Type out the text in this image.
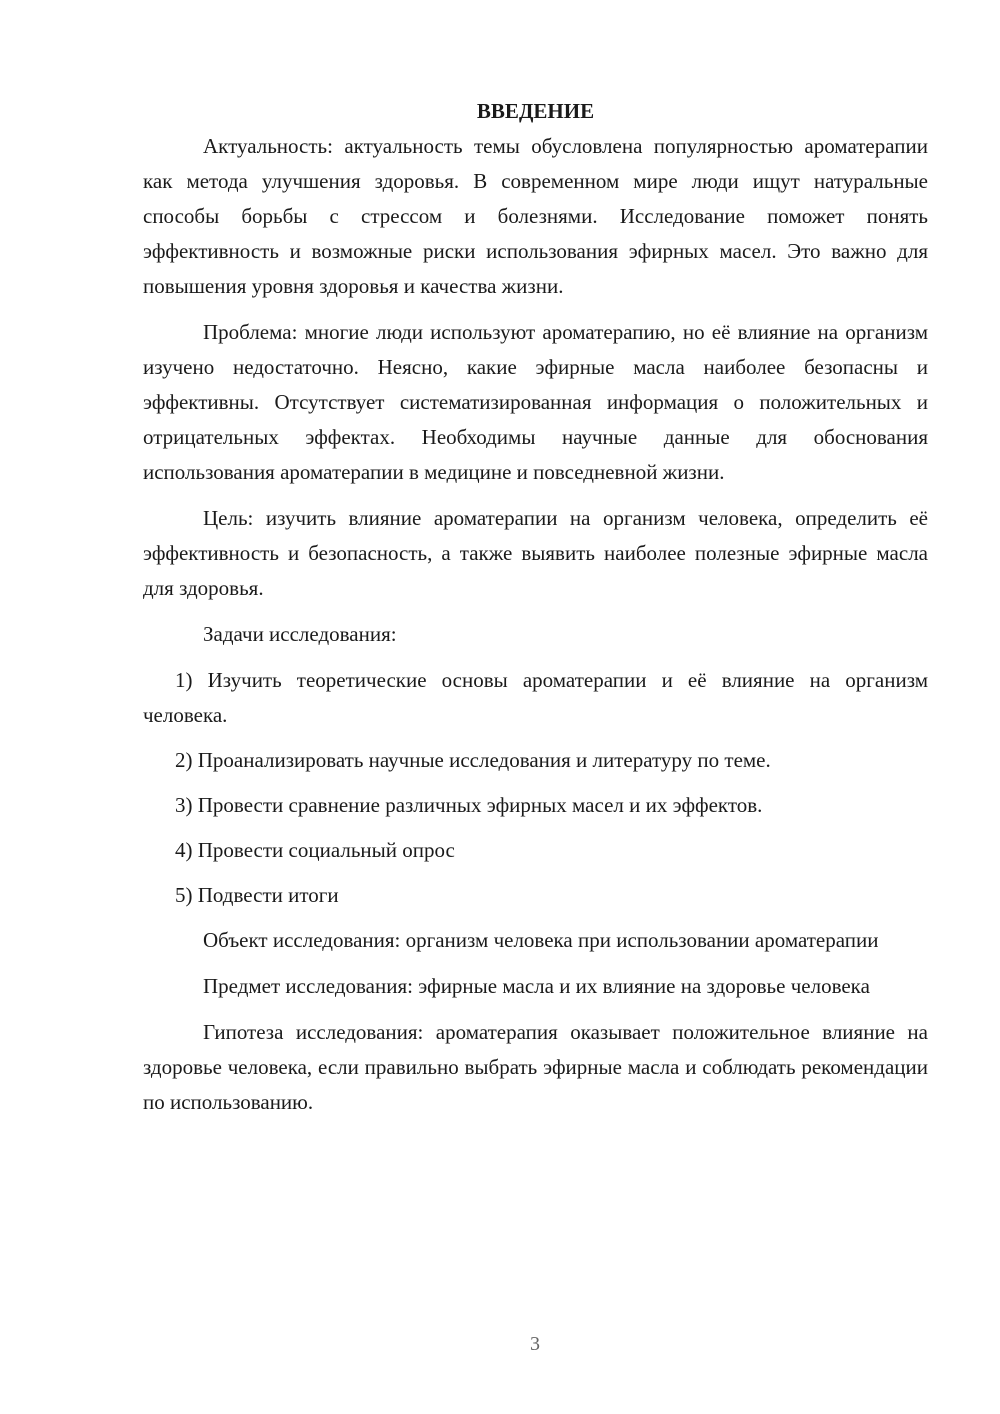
ВВЕДЕНИЕ

Актуальность: актуальность темы обусловлена популярностью ароматерапии как метода улучшения здоровья. В современном мире люди ищут натуральные способы борьбы с стрессом и болезнями. Исследование поможет понять эффективность и возможные риски использования эфирных масел. Это важно для повышения уровня здоровья и качества жизни.

Проблема: многие люди используют ароматерапию, но её влияние на организм изучено недостаточно. Неясно, какие эфирные масла наиболее безопасны и эффективны. Отсутствует систематизированная информация о положительных и отрицательных эффектах. Необходимы научные данные для обоснования использования ароматерапии в медицине и повседневной жизни.

Цель: изучить влияние ароматерапии на организм человека, определить её эффективность и безопасность, а также выявить наиболее полезные эфирные масла для здоровья.

Задачи исследования:

1) Изучить теоретические основы ароматерапии и её влияние на организм человека.

2) Проанализировать научные исследования и литературу по теме.

3) Провести сравнение различных эфирных масел и их эффектов.

4) Провести социальный опрос

5) Подвести итоги

Объект исследования: организм человека при использовании ароматерапии

Предмет исследования: эфирные масла и их влияние на здоровье человека

Гипотеза исследования: ароматерапия оказывает положительное влияние на здоровье человека, если правильно выбрать эфирные масла и соблюдать рекомендации по использованию.

3
